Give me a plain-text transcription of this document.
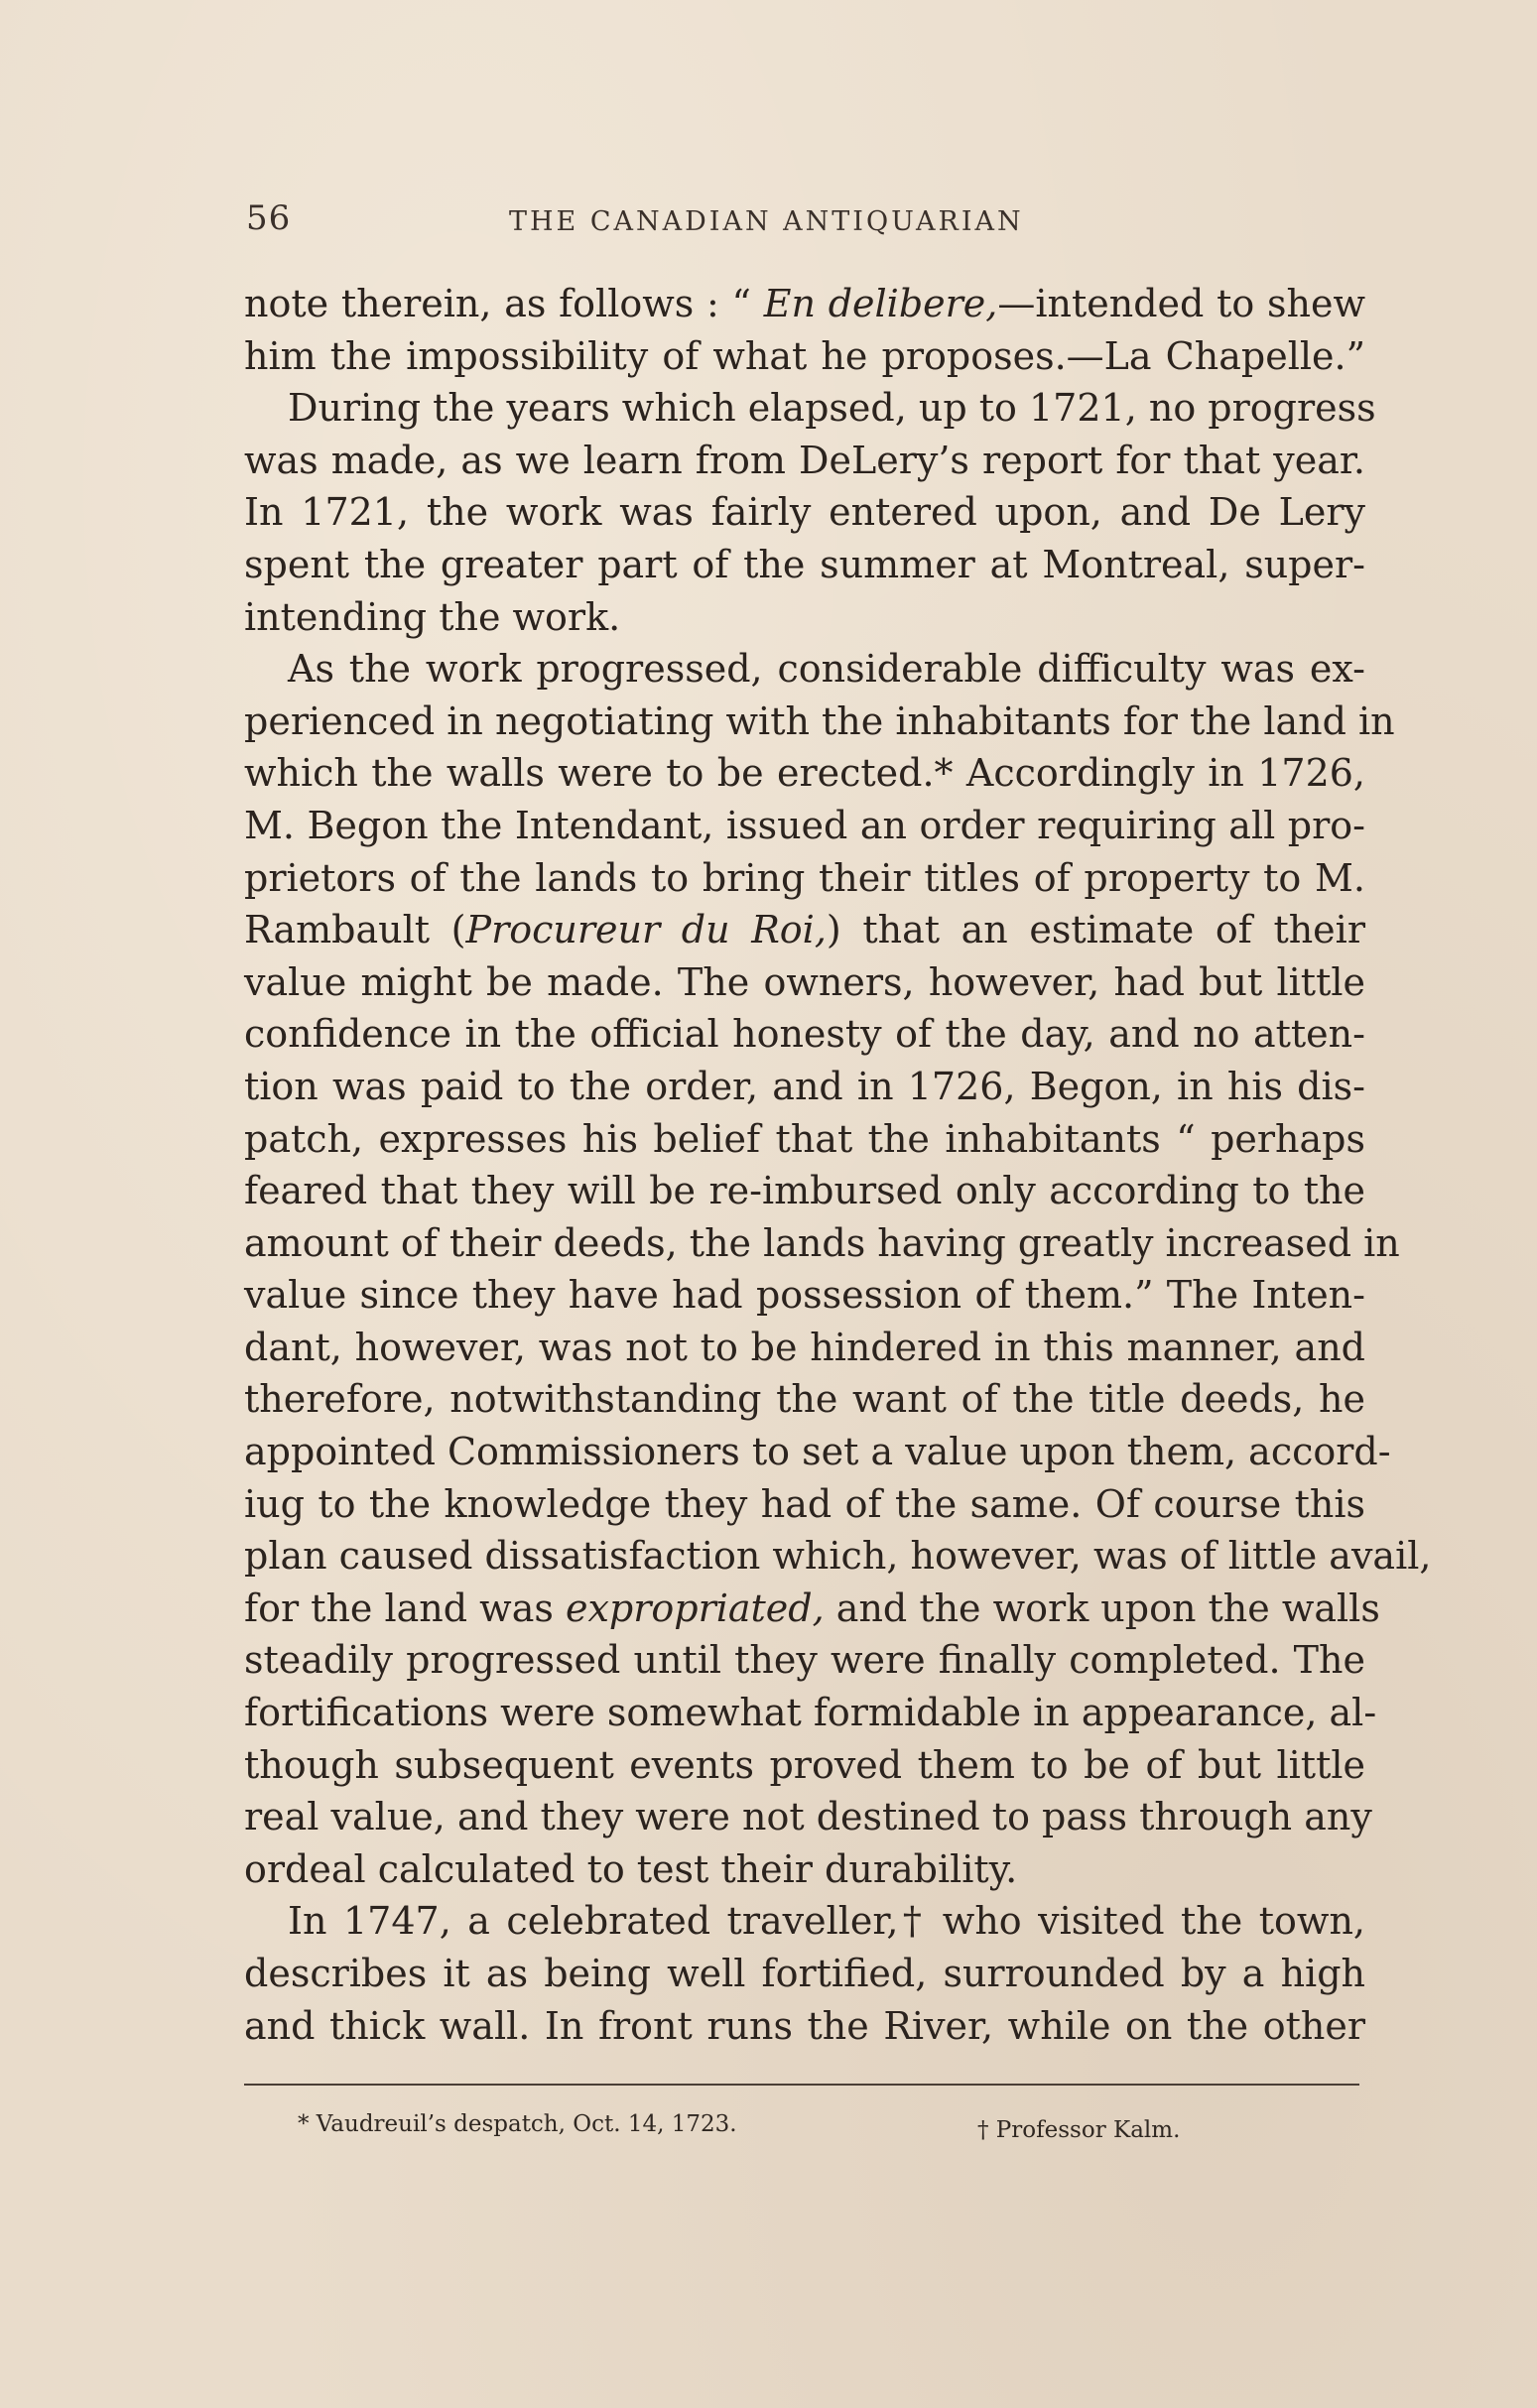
56	THE CANADIAN ANTIQUARIAN
note therein, as follows : “ En delibere,—intended to shew
him the impossibility of what he proposes.—La Chapelle.”
During the years which elapsed, up to 1721, no progress
was made, as we learn from DeLery’s report for that year.
In 1721, the work was fairly entered upon, and De Lery
spent the greater part of the summer at Montreal, super-
intending the work.
As the work progressed, considerable difficulty was ex-
perienced in negotiating with the inhabitants for the land in
which the walls were to be erected.* Accordingly in 1726,
M. Begon the Intendant, issued an order requiring all pro-
prietors of the lands to bring their titles of property to M.
Rambault (Procureur du Roi,) that an estimate of their
value might be made. The owners, however, had but little
confidence in the official honesty of the day, and no atten-
tion was paid to the order, and in 1726, Begon, in his dis-
patch, expresses his belief that the inhabitants “ perhaps
feared that they will be re-imbursed only according to the
amount of their deeds, the lands having greatly increased in
value since they have had possession of them.” The Inten-
dant, however, was not to be hindered in this manner, and
therefore, notwithstanding the want of the title deeds, he
appointed Commissioners to set a value upon them, accord-
iug to the knowledge they had of the same. Of course this
plan caused dissatisfaction which, however, was of little avail,
for the land was expropriated, and the work upon the walls
steadily progressed until they were finally completed. The
fortifications were somewhat formidable in appearance, al-
though subsequent events proved them to be of but little
real value, and they were not destined to pass through any
ordeal calculated to test their durability.
In 1747, a celebrated traveller,† who visited the town,
describes it as being well fortified, surrounded by a high
and thick wall. In front runs the River, while on the other
* Vaudreuil’s despatch, Oct. 14, 1723.	† Professor Kalm.
